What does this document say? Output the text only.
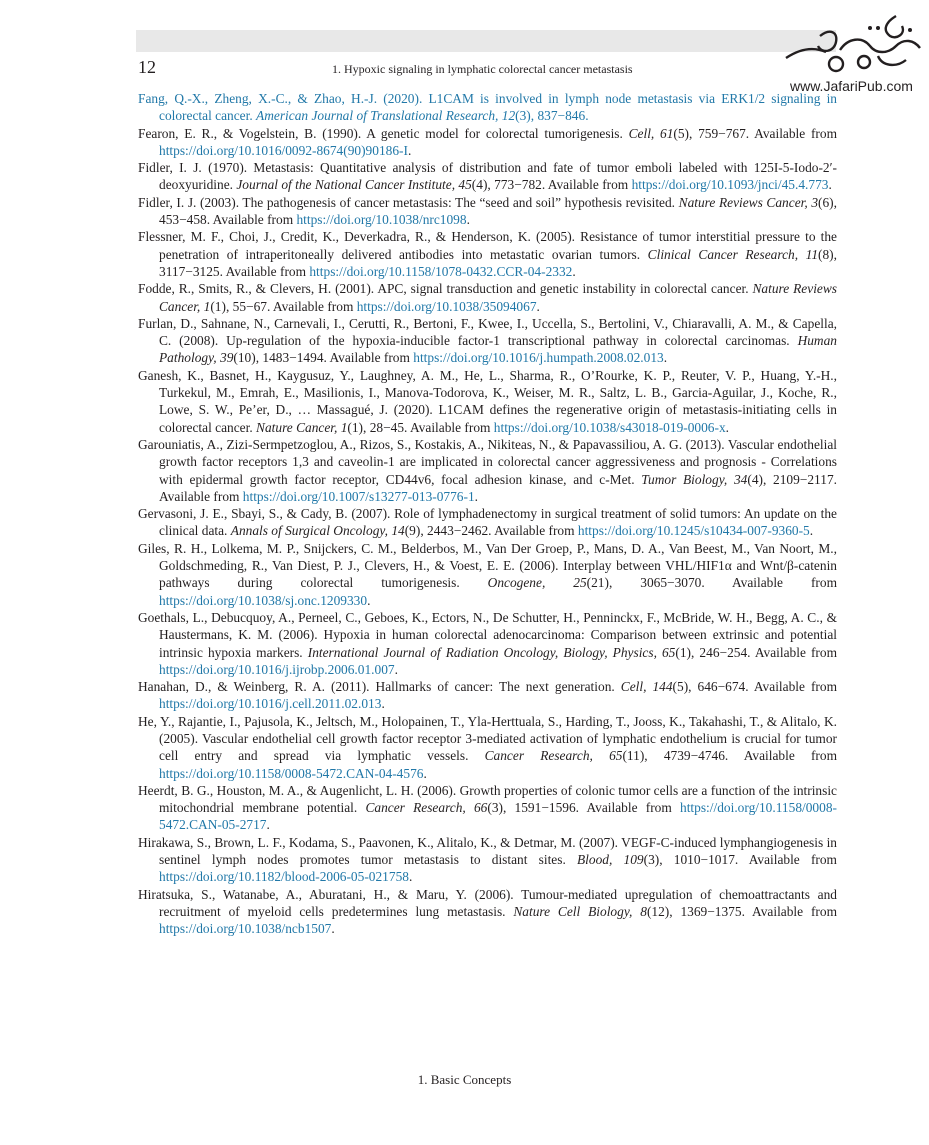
12	1. Hypoxic signaling in lymphatic colorectal cancer metastasis
www.JafariPub.com

Fang, Q.-X., Zheng, X.-C., & Zhao, H.-J. (2020). L1CAM is involved in lymph node metastasis via ERK1/2 signaling in colorectal cancer. American Journal of Translational Research, 12(3), 837−846.

Fearon, E. R., & Vogelstein, B. (1990). A genetic model for colorectal tumorigenesis. Cell, 61(5), 759−767. Available from https://doi.org/10.1016/0092-8674(90)90186-I.

Fidler, I. J. (1970). Metastasis: Quantitative analysis of distribution and fate of tumor emboli labeled with 125I-5-Iodo-2′-deoxyuridine. Journal of the National Cancer Institute, 45(4), 773−782. Available from https://doi.org/10.1093/jnci/45.4.773.

Fidler, I. J. (2003). The pathogenesis of cancer metastasis: The “seed and soil” hypothesis revisited. Nature Reviews Cancer, 3(6), 453−458. Available from https://doi.org/10.1038/nrc1098.

Flessner, M. F., Choi, J., Credit, K., Deverkadra, R., & Henderson, K. (2005). Resistance of tumor interstitial pressure to the penetration of intraperitoneally delivered antibodies into metastatic ovarian tumors. Clinical Cancer Research, 11(8), 3117−3125. Available from https://doi.org/10.1158/1078-0432.CCR-04-2332.

Fodde, R., Smits, R., & Clevers, H. (2001). APC, signal transduction and genetic instability in colorectal cancer. Nature Reviews Cancer, 1(1), 55−67. Available from https://doi.org/10.1038/35094067.

Furlan, D., Sahnane, N., Carnevali, I., Cerutti, R., Bertoni, F., Kwee, I., Uccella, S., Bertolini, V., Chiaravalli, A. M., & Capella, C. (2008). Up-regulation of the hypoxia-inducible factor-1 transcriptional pathway in colorectal carcinomas. Human Pathology, 39(10), 1483−1494. Available from https://doi.org/10.1016/j.humpath.2008.02.013.

Ganesh, K., Basnet, H., Kaygusuz, Y., Laughney, A. M., He, L., Sharma, R., O’Rourke, K. P., Reuter, V. P., Huang, Y.-H., Turkekul, M., Emrah, E., Masilionis, I., Manova-Todorova, K., Weiser, M. R., Saltz, L. B., Garcia-Aguilar, J., Koche, R., Lowe, S. W., Pe’er, D., … Massagué, J. (2020). L1CAM defines the regenerative origin of metastasis-initiating cells in colorectal cancer. Nature Cancer, 1(1), 28−45. Available from https://doi.org/10.1038/s43018-019-0006-x.

Garouniatis, A., Zizi-Sermpetzoglou, A., Rizos, S., Kostakis, A., Nikiteas, N., & Papavassiliou, A. G. (2013). Vascular endothelial growth factor receptors 1,3 and caveolin-1 are implicated in colorectal cancer aggressiveness and prognosis - Correlations with epidermal growth factor receptor, CD44v6, focal adhesion kinase, and c-Met. Tumor Biology, 34(4), 2109−2117. Available from https://doi.org/10.1007/s13277-013-0776-1.

Gervasoni, J. E., Sbayi, S., & Cady, B. (2007). Role of lymphadenectomy in surgical treatment of solid tumors: An update on the clinical data. Annals of Surgical Oncology, 14(9), 2443−2462. Available from https://doi.org/10.1245/s10434-007-9360-5.

Giles, R. H., Lolkema, M. P., Snijckers, C. M., Belderbos, M., Van Der Groep, P., Mans, D. A., Van Beest, M., Van Noort, M., Goldschmeding, R., Van Diest, P. J., Clevers, H., & Voest, E. E. (2006). Interplay between VHL/HIF1α and Wnt/β-catenin pathways during colorectal tumorigenesis. Oncogene, 25(21), 3065−3070. Available from https://doi.org/10.1038/sj.onc.1209330.

Goethals, L., Debucquoy, A., Perneel, C., Geboes, K., Ectors, N., De Schutter, H., Penninckx, F., McBride, W. H., Begg, A. C., & Haustermans, K. M. (2006). Hypoxia in human colorectal adenocarcinoma: Comparison between extrinsic and potential intrinsic hypoxia markers. International Journal of Radiation Oncology, Biology, Physics, 65(1), 246−254. Available from https://doi.org/10.1016/j.ijrobp.2006.01.007.

Hanahan, D., & Weinberg, R. A. (2011). Hallmarks of cancer: The next generation. Cell, 144(5), 646−674. Available from https://doi.org/10.1016/j.cell.2011.02.013.

He, Y., Rajantie, I., Pajusola, K., Jeltsch, M., Holopainen, T., Yla-Herttuala, S., Harding, T., Jooss, K., Takahashi, T., & Alitalo, K. (2005). Vascular endothelial cell growth factor receptor 3-mediated activation of lymphatic endothelium is crucial for tumor cell entry and spread via lymphatic vessels. Cancer Research, 65(11), 4739−4746. Available from https://doi.org/10.1158/0008-5472.CAN-04-4576.

Heerdt, B. G., Houston, M. A., & Augenlicht, L. H. (2006). Growth properties of colonic tumor cells are a function of the intrinsic mitochondrial membrane potential. Cancer Research, 66(3), 1591−1596. Available from https://doi.org/10.1158/0008-5472.CAN-05-2717.

Hirakawa, S., Brown, L. F., Kodama, S., Paavonen, K., Alitalo, K., & Detmar, M. (2007). VEGF-C-induced lymphangiogenesis in sentinel lymph nodes promotes tumor metastasis to distant sites. Blood, 109(3), 1010−1017. Available from https://doi.org/10.1182/blood-2006-05-021758.

Hiratsuka, S., Watanabe, A., Aburatani, H., & Maru, Y. (2006). Tumour-mediated upregulation of chemoattractants and recruitment of myeloid cells predetermines lung metastasis. Nature Cell Biology, 8(12), 1369−1375. Available from https://doi.org/10.1038/ncb1507.

1. Basic Concepts
